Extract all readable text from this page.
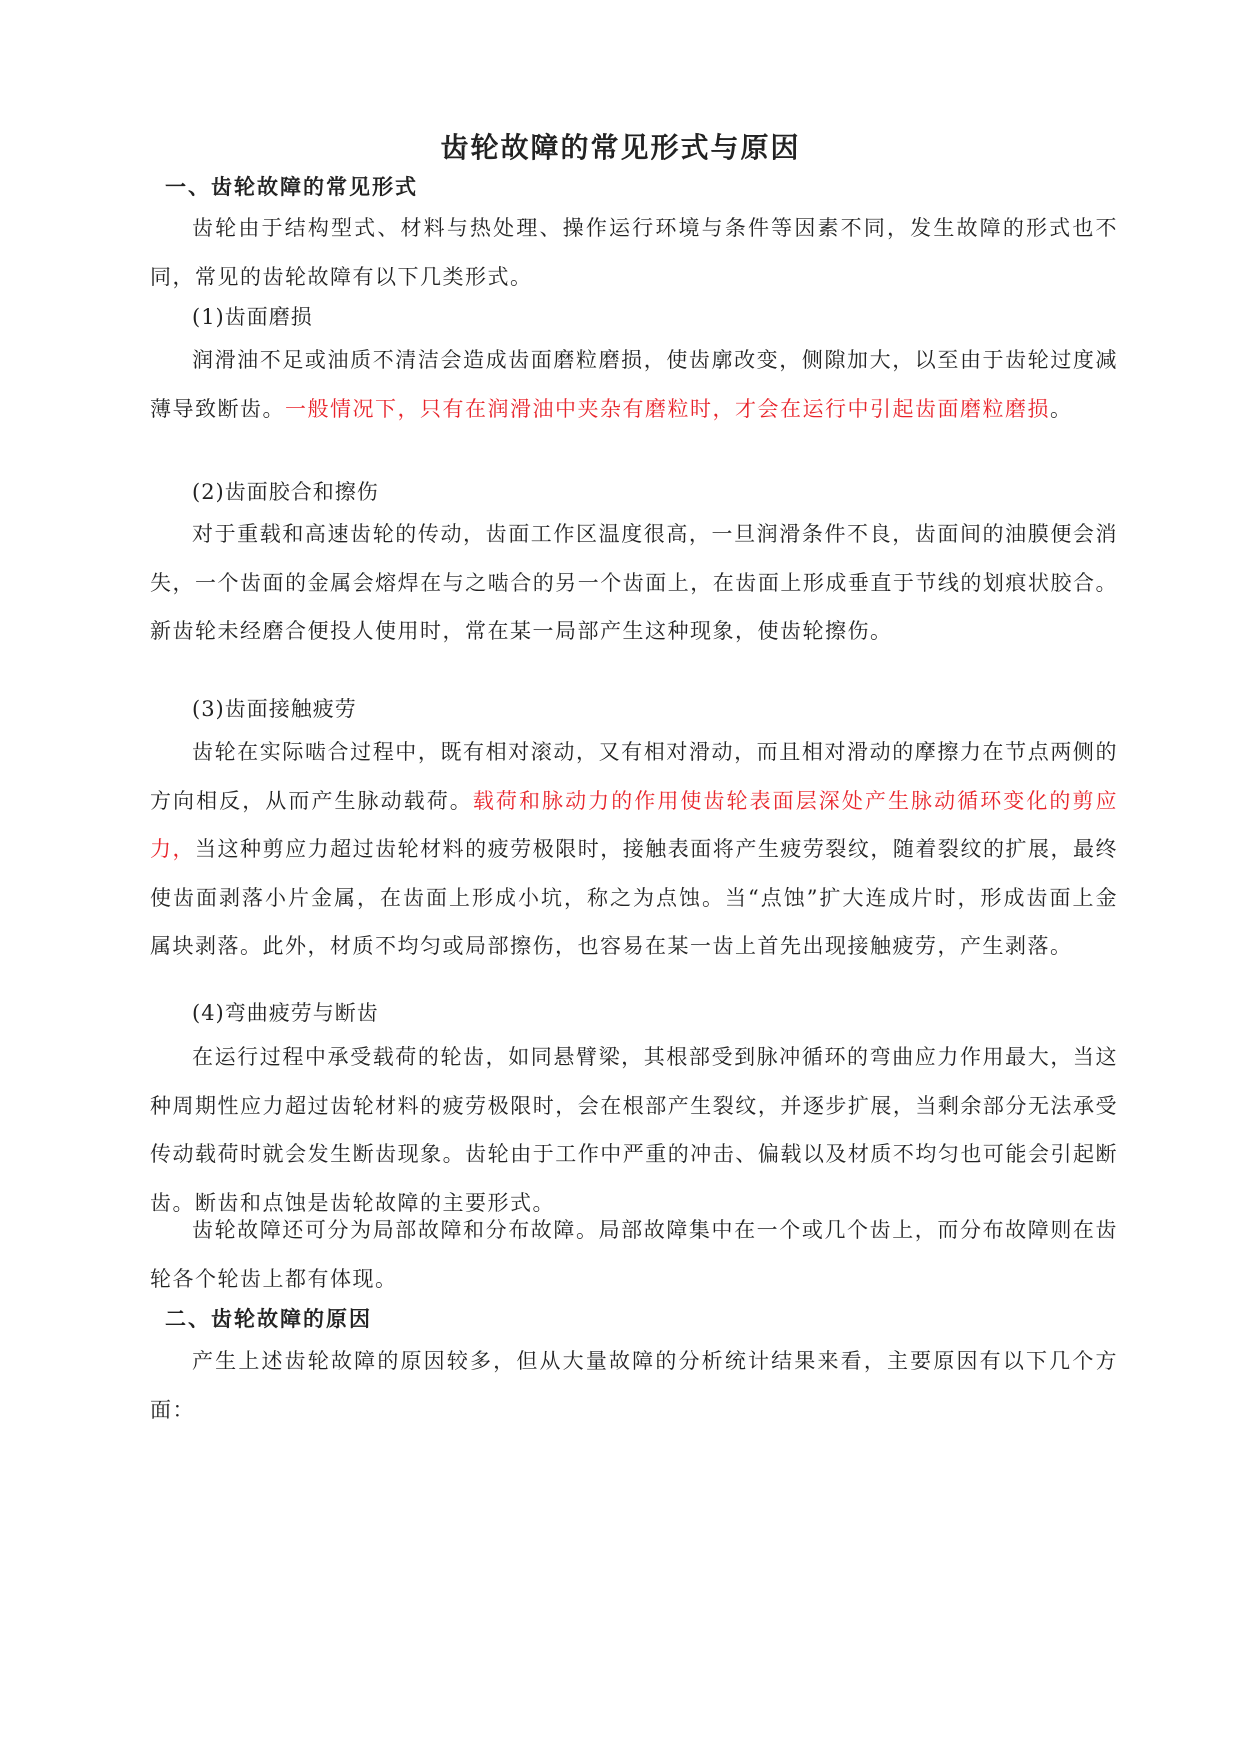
齿轮故障的常见形式与原因
一、齿轮故障的常见形式

齿轮由于结构型式、材料与热处理、操作运行环境与条件等因素不同，发生故障的形式也不同，常见的齿轮故障有以下几类形式。

(1)齿面磨损

润滑油不足或油质不清洁会造成齿面磨粒磨损，使齿廓改变，侧隙加大，以至由于齿轮过度减薄导致断齿。一般情况下，只有在润滑油中夹杂有磨粒时，才会在运行中引起齿面磨粒磨损。

(2)齿面胶合和擦伤

对于重载和高速齿轮的传动，齿面工作区温度很高，一旦润滑条件不良，齿面间的油膜便会消失，一个齿面的金属会熔焊在与之啮合的另一个齿面上，在齿面上形成垂直于节线的划痕状胶合。新齿轮未经磨合便投人使用时，常在某一局部产生这种现象，使齿轮擦伤。

(3)齿面接触疲劳

齿轮在实际啮合过程中，既有相对滚动，又有相对滑动，而且相对滑动的摩擦力在节点两侧的方向相反，从而产生脉动载荷。载荷和脉动力的作用使齿轮表面层深处产生脉动循环变化的剪应力，当这种剪应力超过齿轮材料的疲劳极限时，接触表面将产生疲劳裂纹，随着裂纹的扩展，最终使齿面剥落小片金属，在齿面上形成小坑，称之为点蚀。当“点蚀”扩大连成片时，形成齿面上金属块剥落。此外，材质不均匀或局部擦伤，也容易在某一齿上首先出现接触疲劳，产生剥落。

(4)弯曲疲劳与断齿

在运行过程中承受载荷的轮齿，如同悬臂梁，其根部受到脉冲循环的弯曲应力作用最大，当这种周期性应力超过齿轮材料的疲劳极限时，会在根部产生裂纹，并逐步扩展，当剩余部分无法承受传动载荷时就会发生断齿现象。齿轮由于工作中严重的冲击、偏载以及材质不均匀也可能会引起断齿。断齿和点蚀是齿轮故障的主要形式。

齿轮故障还可分为局部故障和分布故障。局部故障集中在一个或几个齿上，而分布故障则在齿轮各个轮齿上都有体现。

二、齿轮故障的原因

产生上述齿轮故障的原因较多，但从大量故障的分析统计结果来看，主要原因有以下几个方面：
